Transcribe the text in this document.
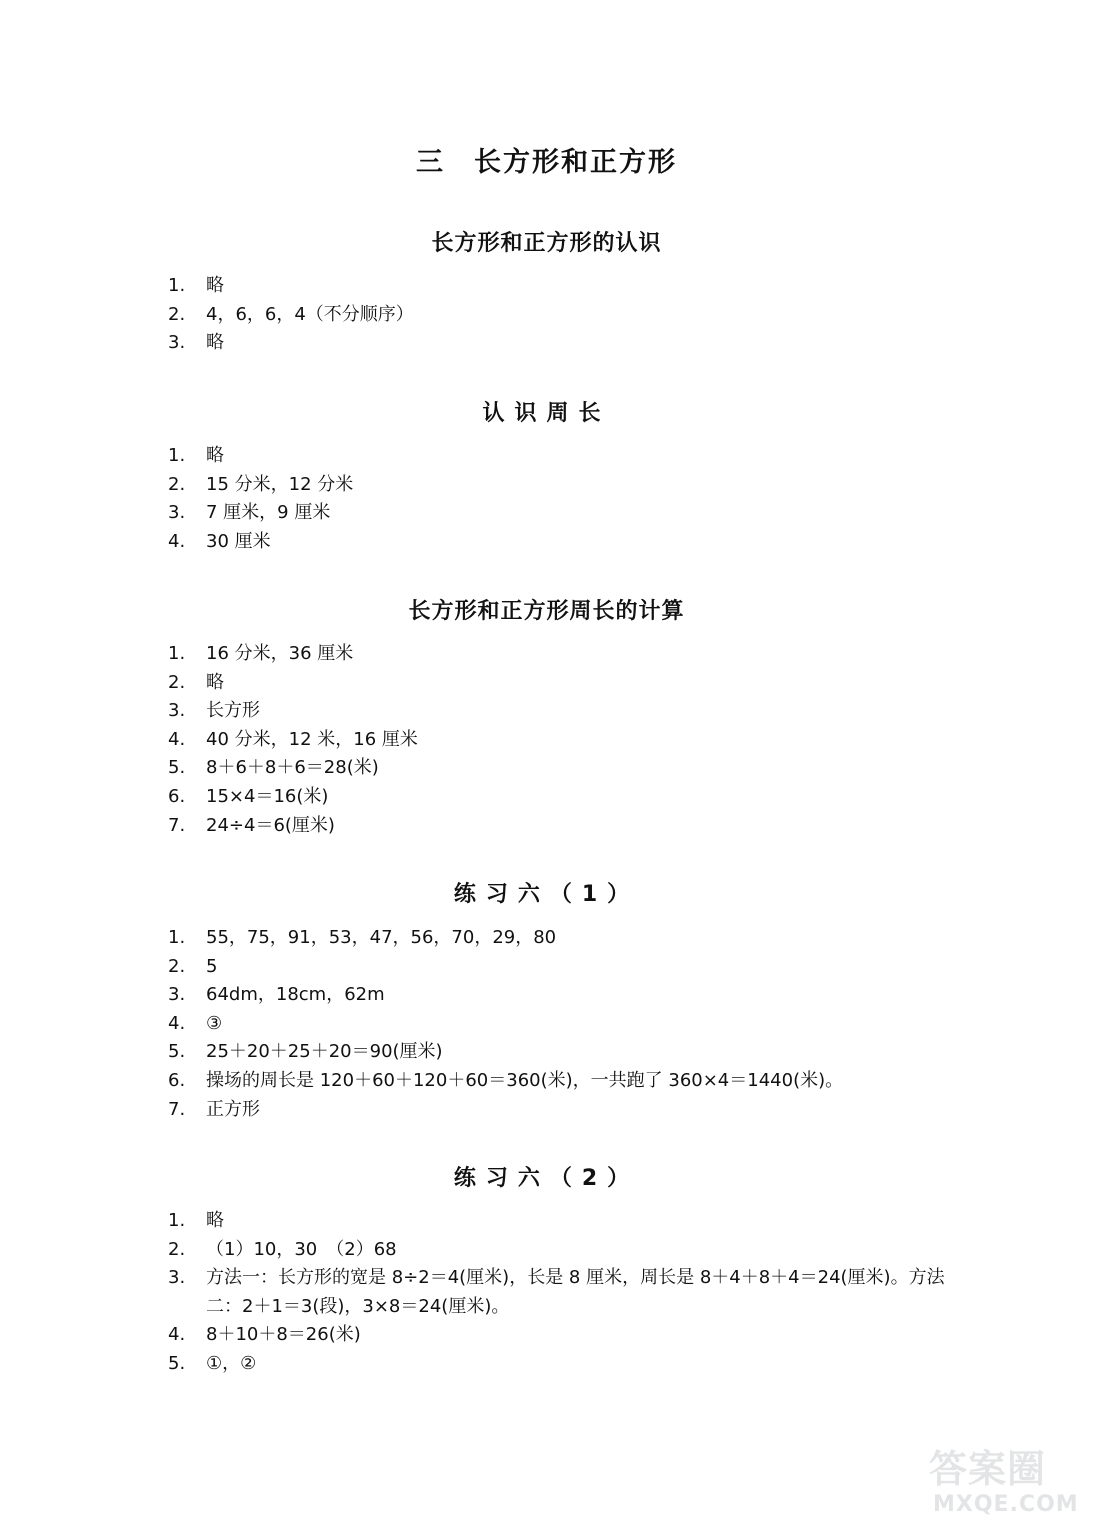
三　长方形和正方形
长方形和正方形的认识
1.	略
2.	4，6，6，4（不分顺序）
3.	略
认识周长
1.	略
2.	15 分米，12 分米
3.	7 厘米，9 厘米
4.	30 厘米
长方形和正方形周长的计算
1.	16 分米，36 厘米
2.	略
3.	长方形
4.	40 分米，12 米，16 厘米
5.	8＋6＋8＋6＝28(米)
6.	15×4＝16(米)
7.	24÷4＝6(厘米)
练习六（1）
1.	55，75，91，53，47，56，70，29，80
2.	5
3.	64dm，18cm，62m
4.	③
5.	25＋20＋25＋20＝90(厘米)
6.	操场的周长是 120＋60＋120＋60＝360(米)，一共跑了 360×4＝1440(米)。
7.	正方形
练习六（2）
1.	略
2.	（1）10，30　（2）68
3.	方法一：长方形的宽是 8÷2＝4(厘米)，长是 8 厘米，周长是 8＋4＋8＋4＝24(厘米)。方法二：2＋1＝3(段)，3×8＝24(厘米)。
4.	8＋10＋8＝26(米)
5.	①，②
答案圈
MXQE.COM
